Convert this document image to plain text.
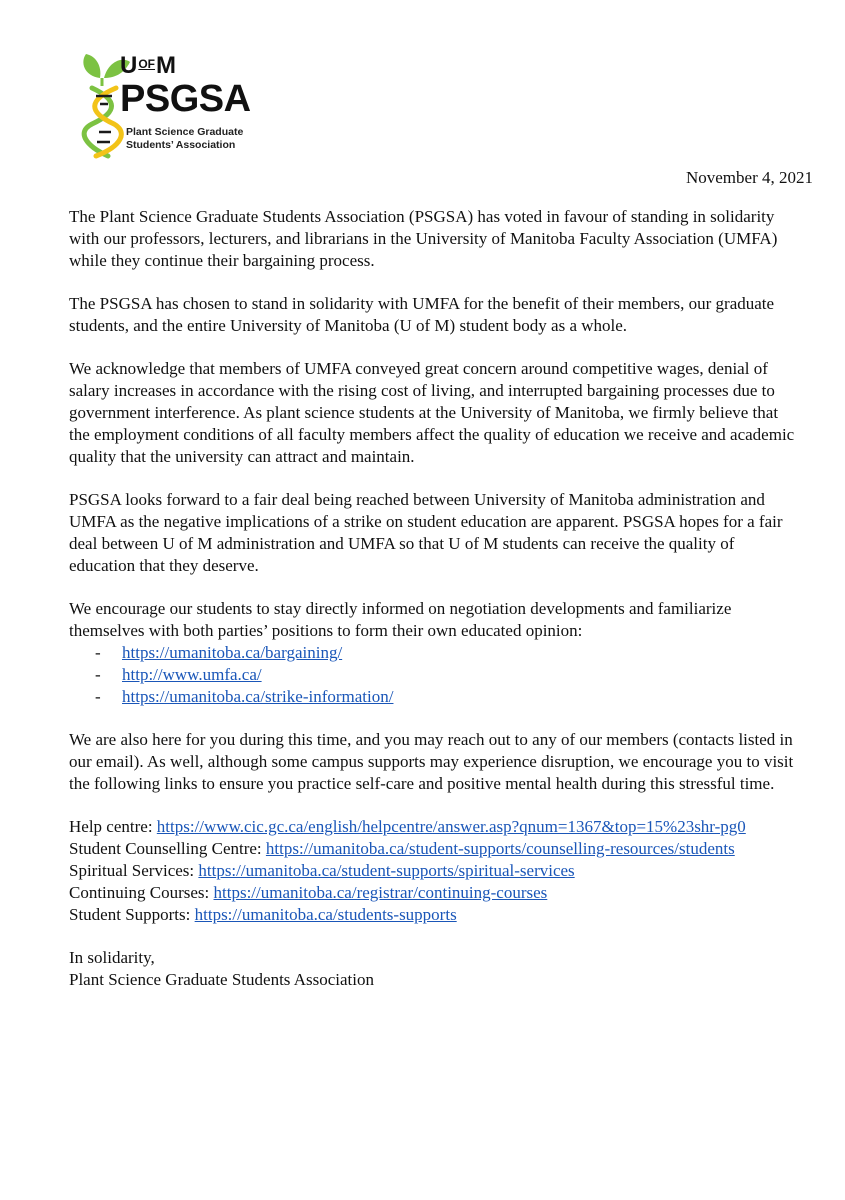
$U^{OF}M$
PSGSA
Plant Science Graduate
Students’ Association
November 4, 2021

The Plant Science Graduate Students Association (PSGSA) has voted in favour of standing in solidarity with our professors, lecturers, and librarians in the University of Manitoba Faculty Association (UMFA) while they continue their bargaining process.

The PSGSA has chosen to stand in solidarity with UMFA for the benefit of their members, our graduate students, and the entire University of Manitoba (U of M) student body as a whole.

We acknowledge that members of UMFA conveyed great concern around competitive wages, denial of salary increases in accordance with the rising cost of living, and interrupted bargaining processes due to government interference. As plant science students at the University of Manitoba, we firmly believe that the employment conditions of all faculty members affect the quality of education we receive and academic quality that the university can attract and maintain.

PSGSA looks forward to a fair deal being reached between University of Manitoba administration and UMFA as the negative implications of a strike on student education are apparent. PSGSA hopes for a fair deal between U of M administration and UMFA so that U of M students can receive the quality of education that they deserve.

We encourage our students to stay directly informed on negotiation developments and familiarize themselves with both parties’ positions to form their own educated opinion:

- https://umanitoba.ca/bargaining/
- http://www.umfa.ca/
- https://umanitoba.ca/strike-information/

We are also here for you during this time, and you may reach out to any of our members (contacts listed in our email). As well, although some campus supports may experience disruption, we encourage you to visit the following links to ensure you practice self-care and positive mental health during this stressful time.

Help centre: https://www.cic.gc.ca/english/helpcentre/answer.asp?qnum=1367&top=15%23shr-pg0
Student Counselling Centre: https://umanitoba.ca/student-supports/counselling-resources/students
Spiritual Services: https://umanitoba.ca/student-supports/spiritual-services
Continuing Courses: https://umanitoba.ca/registrar/continuing-courses
Student Supports: https://umanitoba.ca/students-supports
In solidarity,
Plant Science Graduate Students Association
